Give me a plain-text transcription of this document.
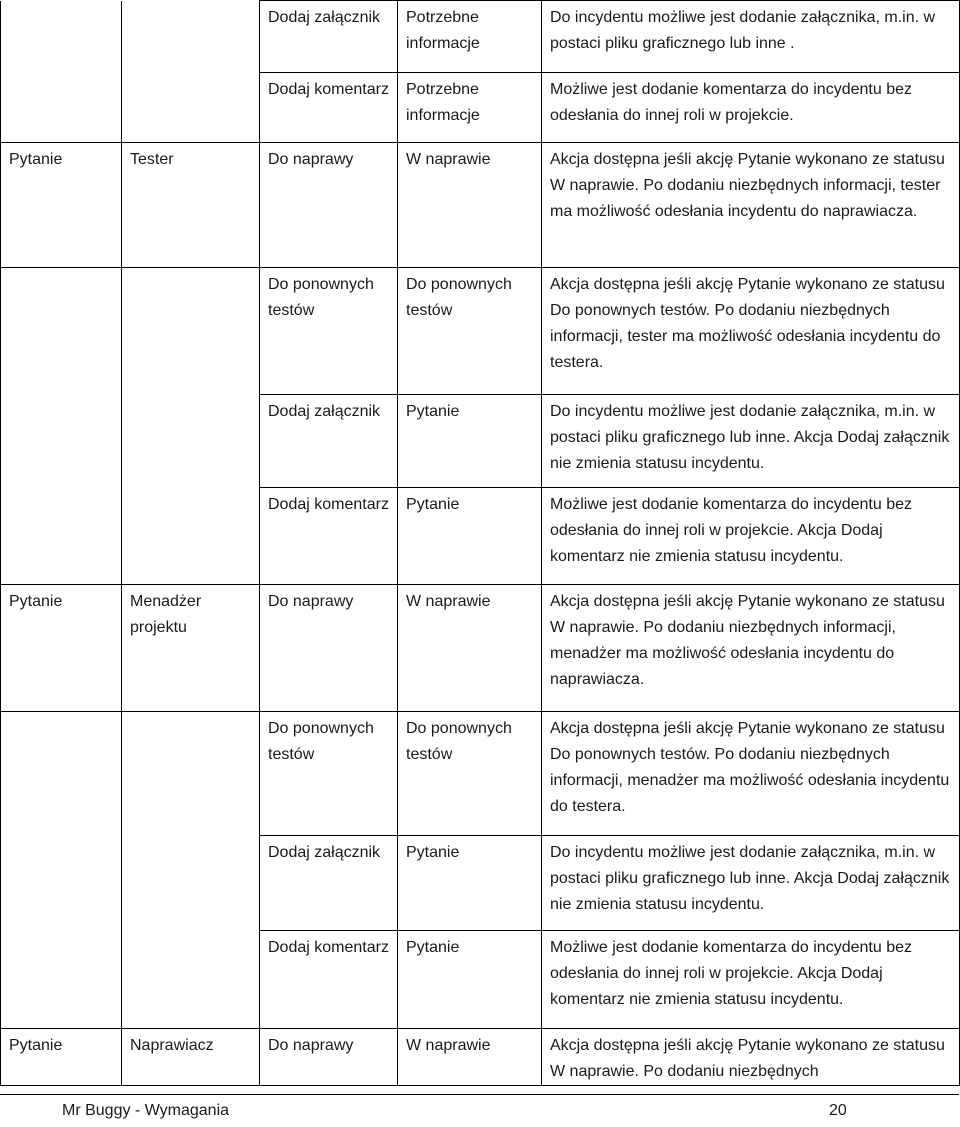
		Dodaj załącznik	Potrzebne informacje	Do incydentu możliwe jest dodanie załącznika, m.in. w postaci pliku graficznego lub inne .
		Dodaj komentarz	Potrzebne informacje	Możliwe jest dodanie komentarza do incydentu bez odesłania do innej roli w projekcie.
Pytanie	Tester	Do naprawy	W naprawie	Akcja dostępna jeśli akcję Pytanie wykonano ze statusu W naprawie. Po dodaniu niezbędnych informacji, tester ma możliwość odesłania incydentu do naprawiacza.
		Do ponownych testów	Do ponownych testów	Akcja dostępna jeśli akcję Pytanie wykonano ze statusu Do ponownych testów. Po dodaniu niezbędnych informacji, tester ma możliwość odesłania incydentu do testera.
		Dodaj załącznik	Pytanie	Do incydentu możliwe jest dodanie załącznika, m.in. w postaci pliku graficznego lub inne. Akcja Dodaj załącznik nie zmienia statusu incydentu.
		Dodaj komentarz	Pytanie	Możliwe jest dodanie komentarza do incydentu bez odesłania do innej roli w projekcie. Akcja Dodaj komentarz nie zmienia statusu incydentu.
Pytanie	Menadżer projektu	Do naprawy	W naprawie	Akcja dostępna jeśli akcję Pytanie wykonano ze statusu W naprawie. Po dodaniu niezbędnych informacji, menadżer ma możliwość odesłania incydentu do naprawiacza.
		Do ponownych testów	Do ponownych testów	Akcja dostępna jeśli akcję Pytanie wykonano ze statusu Do ponownych testów. Po dodaniu niezbędnych informacji, menadżer ma możliwość odesłania incydentu do testera.
		Dodaj załącznik	Pytanie	Do incydentu możliwe jest dodanie załącznika, m.in. w postaci pliku graficznego lub inne. Akcja Dodaj załącznik nie zmienia statusu incydentu.
		Dodaj komentarz	Pytanie	Możliwe jest dodanie komentarza do incydentu bez odesłania do innej roli w projekcie. Akcja Dodaj komentarz nie zmienia statusu incydentu.
Pytanie	Naprawiacz	Do naprawy	W naprawie	Akcja dostępna jeśli akcję Pytanie wykonano ze statusu W naprawie. Po dodaniu niezbędnych
Mr Buggy - Wymagania	20
